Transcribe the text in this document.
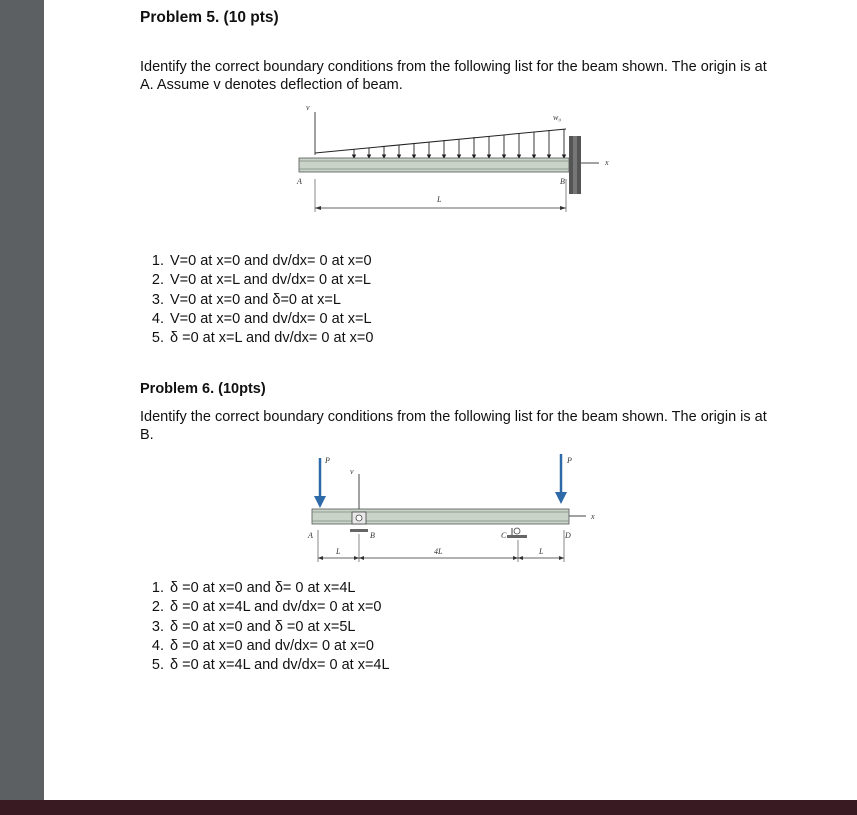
Problem 5. (10 pts)
Identify the correct boundary conditions from the following list for the beam shown. The origin is at A. Assume v denotes deflection of beam.
v
w₀
x
A	B
L
1. V=0 at x=0 and dv/dx= 0 at x=0
2. V=0 at x=L and dv/dx= 0 at x=L
3. V=0 at x=0 and δ=0 at x=L
4. V=0 at x=0 and dv/dx= 0 at x=L
5. δ =0 at x=L and dv/dx= 0 at x=0
Problem 6. (10pts)
Identify the correct boundary conditions from the following list for the beam shown. The origin is at B.
P	P
v
x
A	B	C	D
L	4L	L
1. δ =0 at x=0 and δ= 0 at x=4L
2. δ =0 at x=4L and dv/dx= 0 at x=0
3. δ =0 at x=0 and δ =0 at x=5L
4. δ =0 at x=0 and dv/dx= 0 at x=0
5. δ =0 at x=4L and dv/dx= 0 at x=4L
